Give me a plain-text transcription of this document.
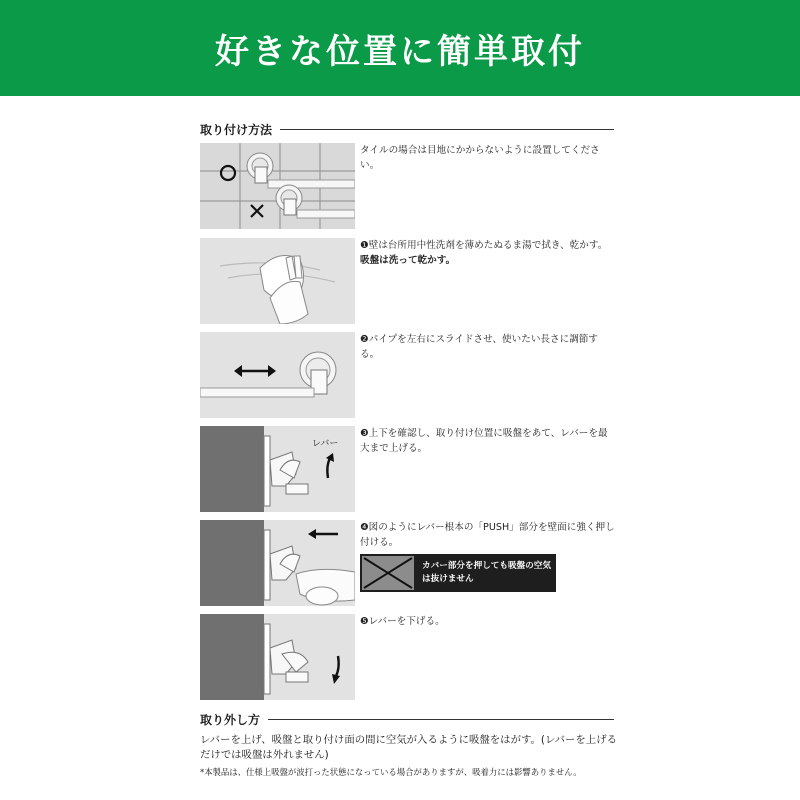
好きな位置に簡単取付
取り付け方法
タイルの場合は目地にかからないように設置してください。
❶壁は台所用中性洗剤を薄めたぬるま湯で拭き、乾かす。吸盤は洗って乾かす。
❷パイプを左右にスライドさせ、使いたい長さに調節する。
レバー
❸上下を確認し、取り付け位置に吸盤をあて、レバーを最大まで上げる。
❹図のようにレバー根本の「PUSH」部分を壁面に強く押し付ける。
カバー部分を押しても吸盤の空気は抜けません
❺レバーを下げる。
取り外し方
レバーを上げ、吸盤と取り付け面の間に空気が入るように吸盤をはがす。(レバーを上げるだけでは吸盤は外れません)
*本製品は、仕様上吸盤が波打った状態になっている場合がありますが、吸着力には影響ありません。
